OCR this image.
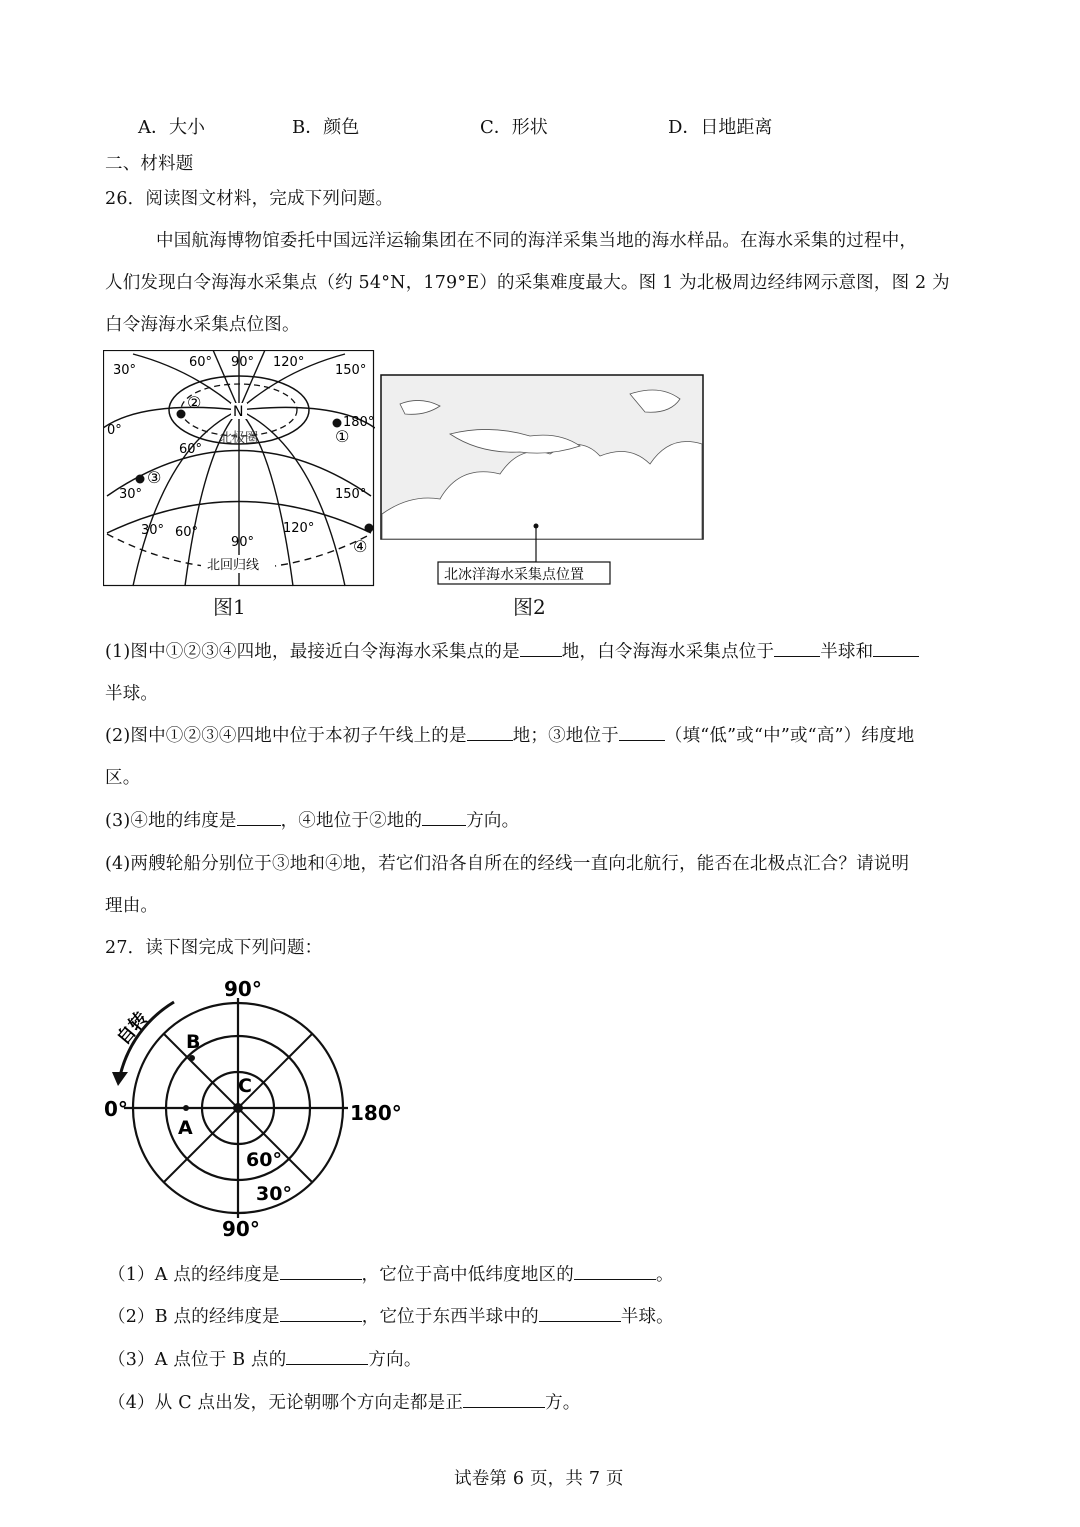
A．大小	B．颜色	C．形状	D．日地距离
二、材料题
26．阅读图文材料，完成下列问题。
中国航海博物馆委托中国远洋运输集团在不同的海洋采集当地的海水样品。在海水采集的过程中，
人们发现白令海海水采集点（约 54°N，179°E）的采集难度最大。图 1 为北极周边经纬网示意图，图 2 为
白令海海水采集点位图。
60° 90° 120°
150°
30°
0°
180°
N
北极圈
60°
30°
30° 60°
90°
120°
150°
北回归线
②
①
③
④
北冰洋海水采集点位置
图1	图2
(1)图中①②③④四地，最接近白令海海水采集点的是 地，白令海海水采集点位于	半球和
半球。
(2)图中①②③④四地中位于本初子午线上的是	地；③地位于	（填“低”或“中”或“高”）纬度地
区。
(3)④地的纬度是	，④地位于②地的	方向。
(4)两艘轮船分别位于③地和④地，若它们沿各自所在的经线一直向北航行，能否在北极点汇合？请说明
理由。
27．读下图完成下列问题：
自转
90°
90°
0°	180°
60°
30°
A
B
C
（1）A 点的经纬度是	，它位于高中低纬度地区的	。
（2）B 点的经纬度是	，它位于东西半球中的	半球。
（3）A 点位于 B 点的	方向。
（4）从 C 点出发，无论朝哪个方向走都是正	方。
试卷第 6 页，共 7 页
